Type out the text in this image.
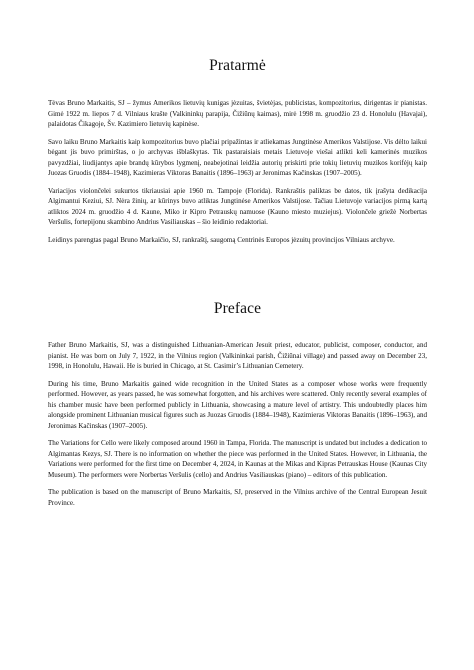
Pratarmė

Tėvas Bruno Markaitis, SJ – žymus Amerikos lietuvių kunigas jėzuitas, švietėjas, publicistas, kompozitorius, dirigentas ir pianistas. Gimė 1922 m. liepos 7 d. Vilniaus krašte (Valkininkų parapija, Čižiūnų kaimas), mirė 1998 m. gruodžio 23 d. Honolulu (Havajai), palaidotas Čikagoje, Šv. Kazimiero lietuvių kapinėse.

Savo laiku Bruno Markaitis kaip kompozitorius buvo plačiai pripažintas ir atliekamas Jungtinėse Amerikos Valstijose. Vis dėlto laikui bėgant jis buvo primirštas, o jo archyvas išblaškytas. Tik pastaraisiais metais Lietuvoje viešai atlikti keli kamerinės muzikos pavyzdžiai, liudijantys apie brandų kūrybos lygmenį, neabejotinai leidžia autorių priskirti prie tokių lietuvių muzikos korifėjų kaip Juozas Gruodis (1884–1948), Kazimieras Viktoras Banaitis (1896–1963) ar Jeronimas Kačinskas (1907–2005).

Variacijos violončelei sukurtos tikriausiai apie 1960 m. Tampoje (Florida). Rankraštis paliktas be datos, tik įrašyta dedikacija Algimantui Keziui, SJ. Nėra žinių, ar kūrinys buvo atliktas Jungtinėse Amerikos Valstijose. Tačiau Lietuvoje variacijos pirmą kartą atliktos 2024 m. gruodžio 4 d. Kaune, Miko ir Kipro Petrauskų namuose (Kauno miesto muziejus). Violončele griežė Norbertas Veršulis, fortepijonu skambino Andrius Vasiliauskas – šio leidinio redaktoriai.

Leidinys parengtas pagal Bruno Markaičio, SJ, rankraštį, saugomą Centrinės Europos jėzuitų provincijos Vilniaus archyve.

Preface

Father Bruno Markaitis, SJ, was a distinguished Lithuanian-American Jesuit priest, educator, publicist, composer, conductor, and pianist. He was born on July 7, 1922, in the Vilnius region (Valkininkai parish, Čižiūnai village) and passed away on December 23, 1998, in Honolulu, Hawaii. He is buried in Chicago, at St. Casimir’s Lithuanian Cemetery.

During his time, Bruno Markaitis gained wide recognition in the United States as a composer whose works were frequently performed. However, as years passed, he was somewhat forgotten, and his archives were scattered. Only recently several examples of his chamber music have been performed publicly in Lithuania, showcasing a mature level of artistry. This undoubtedly places him alongside prominent Lithuanian musical figures such as Juozas Gruodis (1884–1948), Kazimieras Viktoras Banaitis (1896–1963), and Jeronimas Kačinskas (1907–2005).

The Variations for Cello were likely composed around 1960 in Tampa, Florida. The manuscript is undated but includes a dedication to Algimantas Kezys, SJ. There is no information on whether the piece was performed in the United States. However, in Lithuania, the Variations were performed for the first time on December 4, 2024, in Kaunas at the Mikas and Kipras Petrauskas House (Kaunas City Museum). The performers were Norbertas Veršulis (cello) and Andrius Vasiliauskas (piano) – editors of this publication.

The publication is based on the manuscript of Bruno Markaitis, SJ, preserved in the Vilnius archive of the Central European Jesuit Province.
